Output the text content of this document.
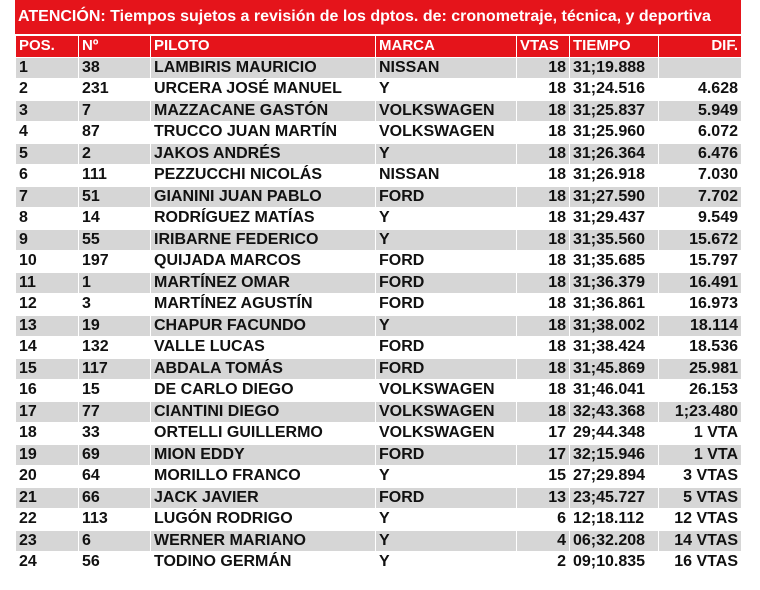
ATENCIÓN: Tiempos sujetos a revisión de los dptos. de: cronometraje, técnica, y deportiva
POS.	Nº	PILOTO	MARCA	VTAS	TIEMPO	DIF.
1	38	LAMBIRIS MAURICIO	NISSAN	18	31;19.888	
2	231	URCERA JOSÉ MANUEL	Y	18	31;24.516	4.628
3	7	MAZZACANE GASTÓN	VOLKSWAGEN	18	31;25.837	5.949
4	87	TRUCCO JUAN MARTÍN	VOLKSWAGEN	18	31;25.960	6.072
5	2	JAKOS ANDRÉS	Y	18	31;26.364	6.476
6	111	PEZZUCCHI NICOLÁS	NISSAN	18	31;26.918	7.030
7	51	GIANINI JUAN PABLO	FORD	18	31;27.590	7.702
8	14	RODRÍGUEZ MATÍAS	Y	18	31;29.437	9.549
9	55	IRIBARNE FEDERICO	Y	18	31;35.560	15.672
10	197	QUIJADA MARCOS	FORD	18	31;35.685	15.797
11	1	MARTÍNEZ OMAR	FORD	18	31;36.379	16.491
12	3	MARTÍNEZ AGUSTÍN	FORD	18	31;36.861	16.973
13	19	CHAPUR FACUNDO	Y	18	31;38.002	18.114
14	132	VALLE LUCAS	FORD	18	31;38.424	18.536
15	117	ABDALA TOMÁS	FORD	18	31;45.869	25.981
16	15	DE CARLO DIEGO	VOLKSWAGEN	18	31;46.041	26.153
17	77	CIANTINI DIEGO	VOLKSWAGEN	18	32;43.368	1;23.480
18	33	ORTELLI GUILLERMO	VOLKSWAGEN	17	29;44.348	1 VTA
19	69	MION EDDY	FORD	17	32;15.946	1 VTA
20	64	MORILLO FRANCO	Y	15	27;29.894	3 VTAS
21	66	JACK JAVIER	FORD	13	23;45.727	5 VTAS
22	113	LUGÓN RODRIGO	Y	6	12;18.112	12 VTAS
23	6	WERNER MARIANO	Y	4	06;32.208	14 VTAS
24	56	TODINO GERMÁN	Y	2	09;10.835	16 VTAS
